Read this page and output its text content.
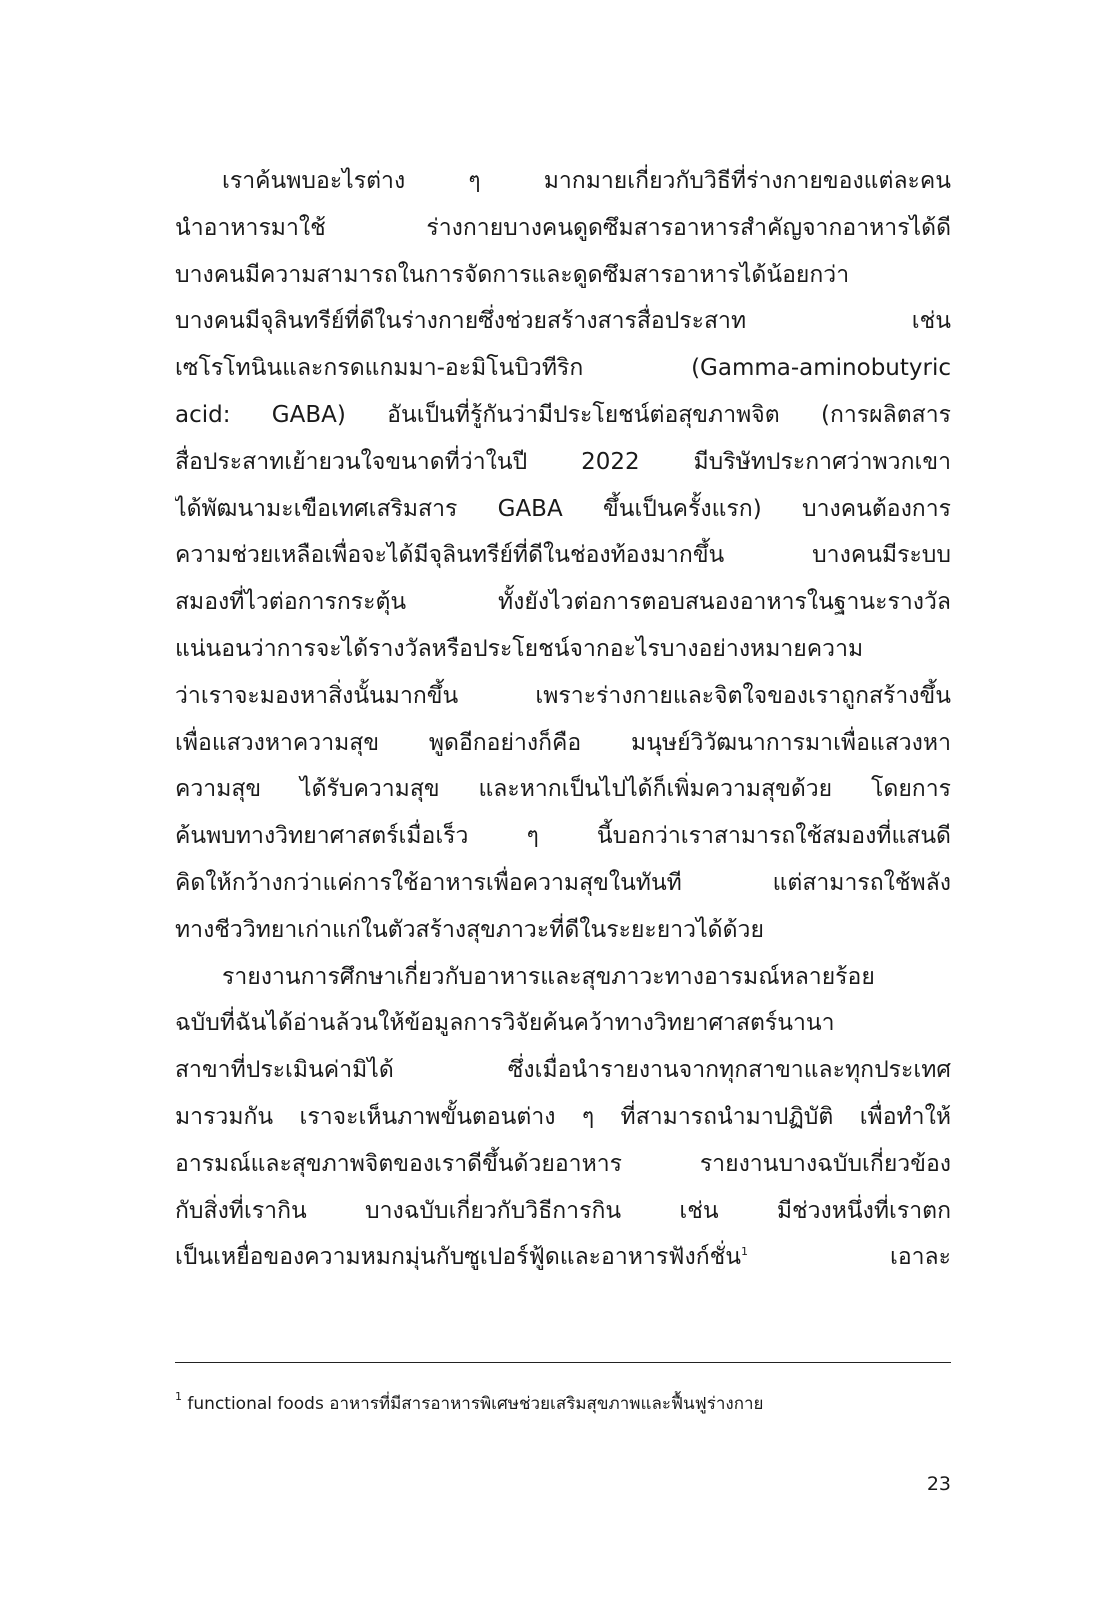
เราค้นพบอะไรต่าง ๆ มากมายเกี่ยวกับวิธีที่ร่างกายของแต่ละคน
นำอาหารมาใช้ ร่างกายบางคนดูดซึมสารอาหารสำคัญจากอาหารได้ดี
บางคนมีความสามารถในการจัดการและดูดซึมสารอาหารได้น้อยกว่า
บางคนมีจุลินทรีย์ที่ดีในร่างกายซึ่งช่วยสร้างสารสื่อประสาท เช่น
เซโรโทนินและกรดแกมมา-อะมิโนบิวทีริก (Gamma-aminobutyric
acid: GABA) อันเป็นที่รู้กันว่ามีประโยชน์ต่อสุขภาพจิต (การผลิตสาร
สื่อประสาทเย้ายวนใจขนาดที่ว่าในปี 2022 มีบริษัทประกาศว่าพวกเขา
ได้พัฒนามะเขือเทศเสริมสาร GABA ขึ้นเป็นครั้งแรก) บางคนต้องการ
ความช่วยเหลือเพื่อจะได้มีจุลินทรีย์ที่ดีในช่องท้องมากขึ้น บางคนมีระบบ
สมองที่ไวต่อการกระตุ้น ทั้งยังไวต่อการตอบสนองอาหารในฐานะรางวัล
แน่นอนว่าการจะได้รางวัลหรือประโยชน์จากอะไรบางอย่างหมายความ
ว่าเราจะมองหาสิ่งนั้นมากขึ้น เพราะร่างกายและจิตใจของเราถูกสร้างขึ้น
เพื่อแสวงหาความสุข พูดอีกอย่างก็คือ มนุษย์วิวัฒนาการมาเพื่อแสวงหา
ความสุข ได้รับความสุข และหากเป็นไปได้ก็เพิ่มความสุขด้วย โดยการ
ค้นพบทางวิทยาศาสตร์เมื่อเร็ว ๆ นี้บอกว่าเราสามารถใช้สมองที่แสนดี
คิดให้กว้างกว่าแค่การใช้อาหารเพื่อความสุขในทันที แต่สามารถใช้พลัง
ทางชีววิทยาเก่าแก่ในตัวสร้างสุขภาวะที่ดีในระยะยาวได้ด้วย
รายงานการศึกษาเกี่ยวกับอาหารและสุขภาวะทางอารมณ์หลายร้อย
ฉบับที่ฉันได้อ่านล้วนให้ข้อมูลการวิจัยค้นคว้าทางวิทยาศาสตร์นานา
สาขาที่ประเมินค่ามิได้ ซึ่งเมื่อนำรายงานจากทุกสาขาและทุกประเทศ
มารวมกัน เราจะเห็นภาพขั้นตอนต่าง ๆ ที่สามารถนำมาปฏิบัติ เพื่อทำให้
อารมณ์และสุขภาพจิตของเราดีขึ้นด้วยอาหาร รายงานบางฉบับเกี่ยวข้อง
กับสิ่งที่เรากิน บางฉบับเกี่ยวกับวิธีการกิน เช่น มีช่วงหนึ่งที่เราตก
เป็นเหยื่อของความหมกมุ่นกับซูเปอร์ฟู้ดและอาหารฟังก์ชั่น$^1$ เอาละ
$^1$ functional foods อาหารที่มีสารอาหารพิเศษช่วยเสริมสุขภาพและฟื้นฟูร่างกาย
23
